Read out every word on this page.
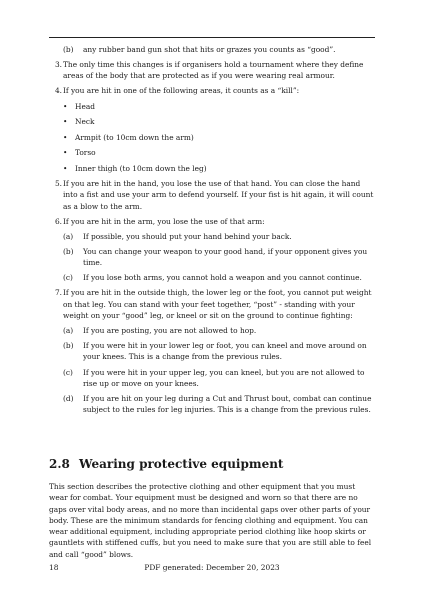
(b)	any rubber band gun shot that hits or grazes you counts as “good”.
3. The only time this changes is if organisers hold a tournament where they define areas of the body that are protected as if you were wearing real armour.
4. If you are hit in one of the following areas, it counts as a “kill”:
• Head
• Neck
• Armpit (to 10cm down the arm)
• Torso
• Inner thigh (to 10cm down the leg)
5. If you are hit in the hand, you lose the use of that hand. You can close the hand into a fist and use your arm to defend yourself. If your fist is hit again, it will count as a blow to the arm.
6. If you are hit in the arm, you lose the use of that arm:
(a)	If possible, you should put your hand behind your back.
(b)	You can change your weapon to your good hand, if your opponent gives you time.
(c)	If you lose both arms, you cannot hold a weapon and you cannot continue.
7. If you are hit in the outside thigh, the lower leg or the foot, you cannot put weight on that leg. You can stand with your feet together, “post” - standing with your weight on your “good” leg, or kneel or sit on the ground to continue fighting:
(a)	If you are posting, you are not allowed to hop.
(b)	If you were hit in your lower leg or foot, you can kneel and move around on your knees. This is a change from the previous rules.
(c)	If you were hit in your upper leg, you can kneel, but you are not allowed to rise up or move on your knees.
(d)	If you are hit on your leg during a Cut and Thrust bout, combat can continue subject to the rules for leg injuries. This is a change from the previous rules.
2.8 Wearing protective equipment

This section describes the protective clothing and other equipment that you must wear for combat. Your equipment must be designed and worn so that there are no gaps over vital body areas, and no more than incidental gaps over other parts of your body. These are the minimum standards for fencing clothing and equipment. You can wear additional equipment, including appropriate period clothing like hoop skirts or gauntlets with stiffened cuffs, but you need to make sure that you are still able to feel and call “good” blows.

PDF generated: December 20, 2023
18
